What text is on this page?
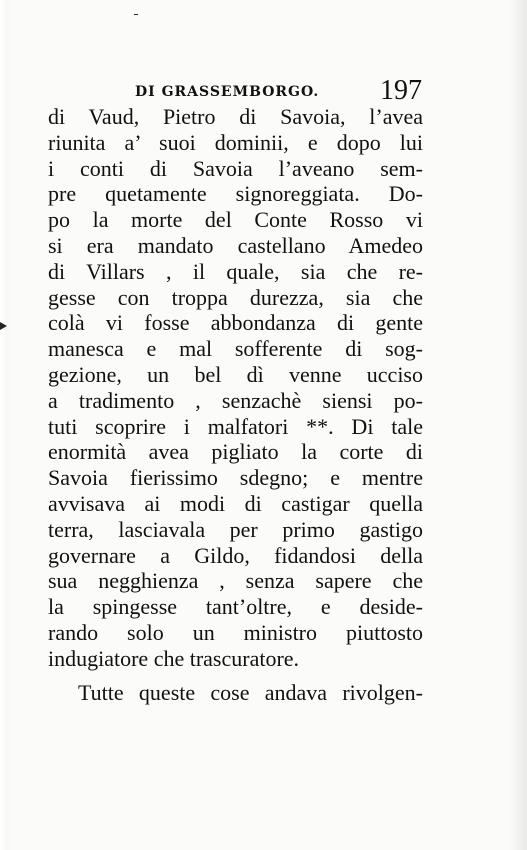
DI GRASSEMBORGO. 197
di Vaud, Pietro di Savoia, l’avea
riunita a’ suoi dominii, e dopo lui
i conti di Savoia l’aveano sem-
pre quetamente signoreggiata. Do-
po la morte del Conte Rosso vi
si era mandato castellano Amedeo
di Villars , il quale, sia che re-
gesse con troppa durezza, sia che
colà vi fosse abbondanza di gente
manesca e mal sofferente di sog-
gezione, un bel dì venne ucciso
a tradimento , senzachè siensi po-
tuti scoprire i malfatori **. Di tale
enormità avea pigliato la corte di
Savoia fierissimo sdegno; e mentre
avvisava ai modi di castigar quella
terra, lasciavala per primo gastigo
governare a Gildo, fidandosi della
sua negghienza , senza sapere che
la spingesse tant’oltre, e deside-
rando solo un ministro piuttosto
indugiatore che trascuratore.
Tutte queste cose andava rivolgen-
